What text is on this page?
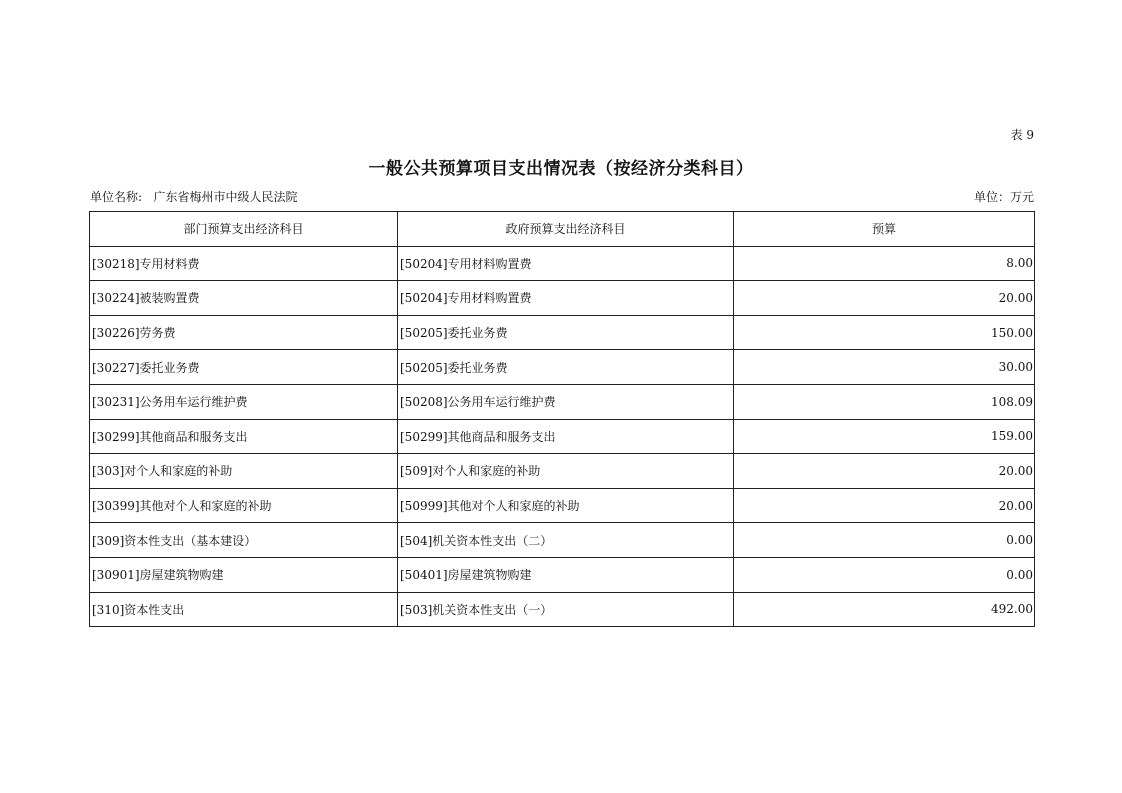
表 9
一般公共预算项目支出情况表（按经济分类科目）
单位名称: 广东省梅州市中级人民法院	单位：万元
部门预算支出经济科目	政府预算支出经济科目	预算
[30218]专用材料费	[50204]专用材料购置费	8.00
[30224]被装购置费	[50204]专用材料购置费	20.00
[30226]劳务费	[50205]委托业务费	150.00
[30227]委托业务费	[50205]委托业务费	30.00
[30231]公务用车运行维护费	[50208]公务用车运行维护费	108.09
[30299]其他商品和服务支出	[50299]其他商品和服务支出	159.00
[303]对个人和家庭的补助	[509]对个人和家庭的补助	20.00
[30399]其他对个人和家庭的补助	[50999]其他对个人和家庭的补助	20.00
[309]资本性支出（基本建设）	[504]机关资本性支出（二）	0.00
[30901]房屋建筑物购建	[50401]房屋建筑物购建	0.00
[310]资本性支出	[503]机关资本性支出（一）	492.00
